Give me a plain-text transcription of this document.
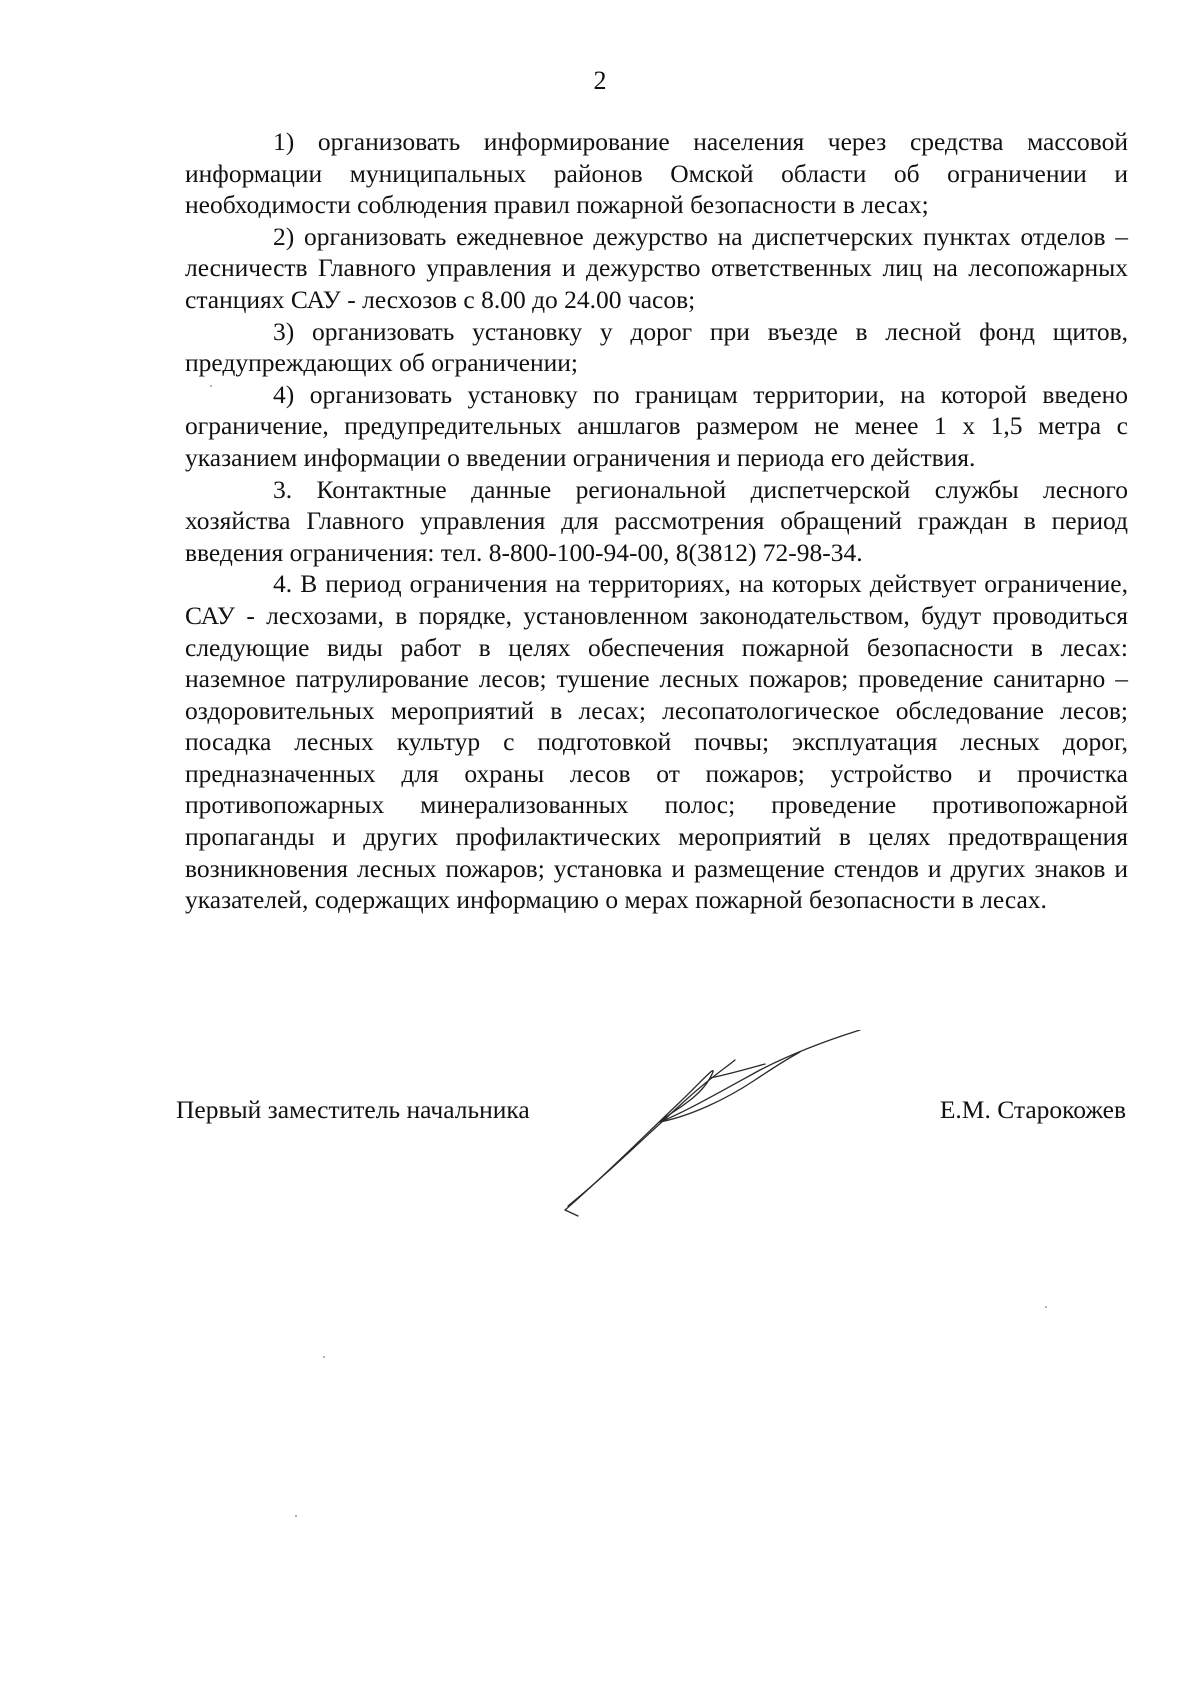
2

1) организовать информирование населения через средства массовой информации муниципальных районов Омской области об ограничении и необходимости соблюдения правил пожарной безопасности в лесах;

2) организовать ежедневное дежурство на диспетчерских пунктах отделов – лесничеств Главного управления и дежурство ответственных лиц на лесопожарных станциях САУ - лесхозов с 8.00 до 24.00 часов;

3) организовать установку у дорог при въезде в лесной фонд щитов, предупреждающих об ограничении;

4) организовать установку по границам территории, на которой введено ограничение, предупредительных аншлагов размером не менее 1 х 1,5 метра с указанием информации о введении ограничения и периода его действия.

3. Контактные данные региональной диспетчерской службы лесного хозяйства Главного управления для рассмотрения обращений граждан в период введения ограничения: тел. 8-800-100-94-00, 8(3812) 72-98-34.

4. В период ограничения на территориях, на которых действует ограничение, САУ - лесхозами, в порядке, установленном законодательством, будут проводиться следующие виды работ в целях обеспечения пожарной безопасности в лесах: наземное патрулирование лесов; тушение лесных пожаров; проведение санитарно – оздоровительных мероприятий в лесах; лесопатологическое обследование лесов; посадка лесных культур с подготовкой почвы; эксплуатация лесных дорог, предназначенных для охраны лесов от пожаров; устройство и прочистка противопожарных минерализованных полос; проведение противопожарной пропаганды и других профилактических мероприятий в целях предотвращения возникновения лесных пожаров; установка и размещение стендов и других знаков и указателей, содержащих информацию о мерах пожарной безопасности в лесах.

Первый заместитель начальника	Е.М. Старокожев
